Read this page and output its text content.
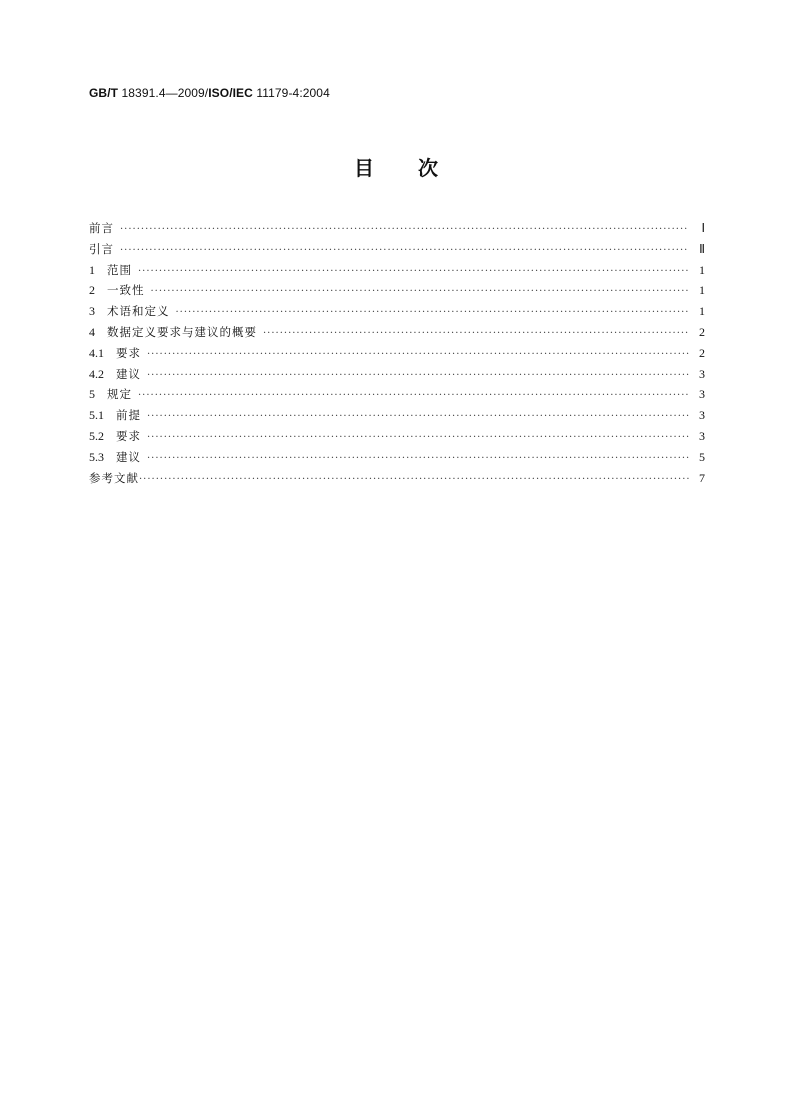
GB/T 18391.4—2009/ISO/IEC 11179-4:2004
目 次
前言 ·····	Ⅰ
引言 ·····	Ⅱ
1 范围 ·····	1
2 一致性 ·····	1
3 术语和定义 ·····	1
4 数据定义要求与建议的概要 ·····	2
4.1 要求 ·····	2
4.2 建议 ·····	3
5 规定 ·····	3
5.1 前提 ·····	3
5.2 要求 ·····	3
5.3 建议 ·····	5
参考文献 ·····	7
